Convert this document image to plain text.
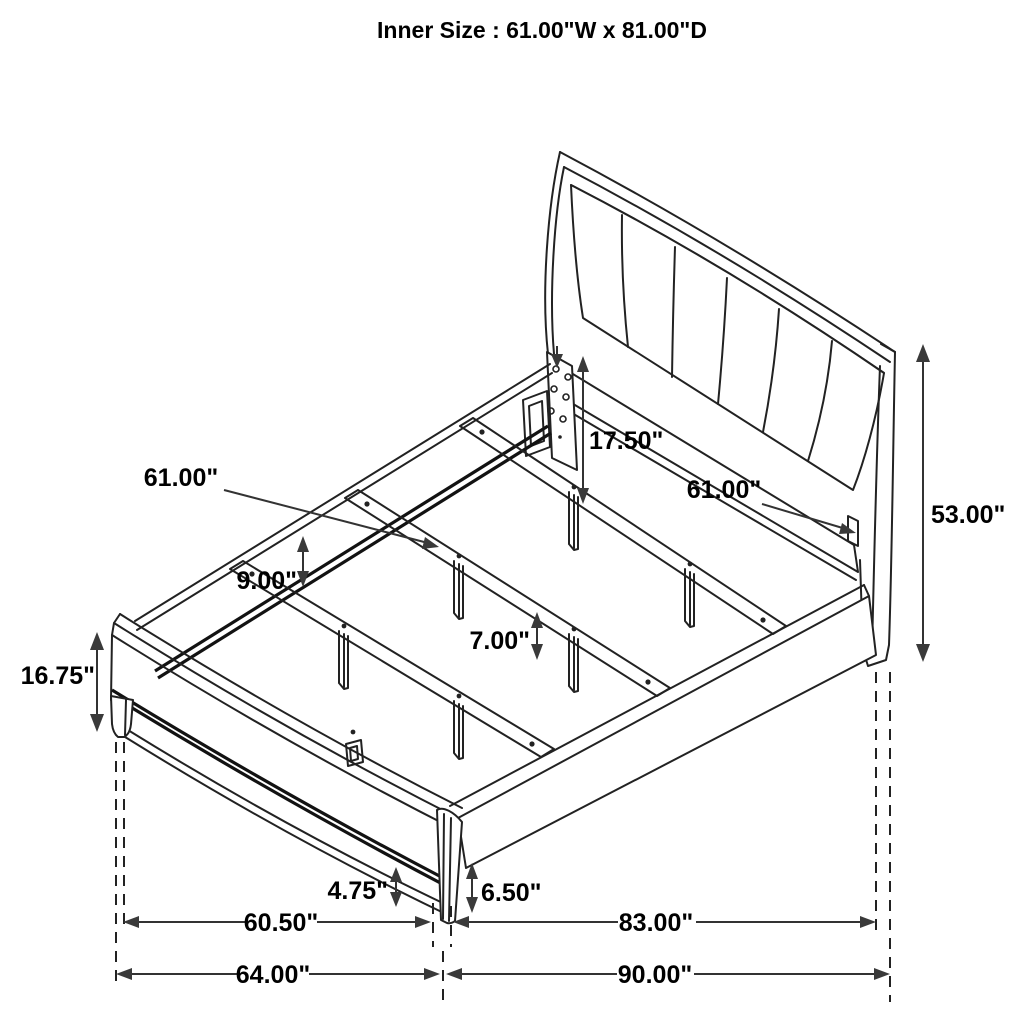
17.50"
61.00"	61.00"
9.00"
7.00"
53.00"
16.75"
4.75"	6.50"
60.50"	83.00"
64.00"	90.00"
Inner Size : 61.00"W x 81.00"D
